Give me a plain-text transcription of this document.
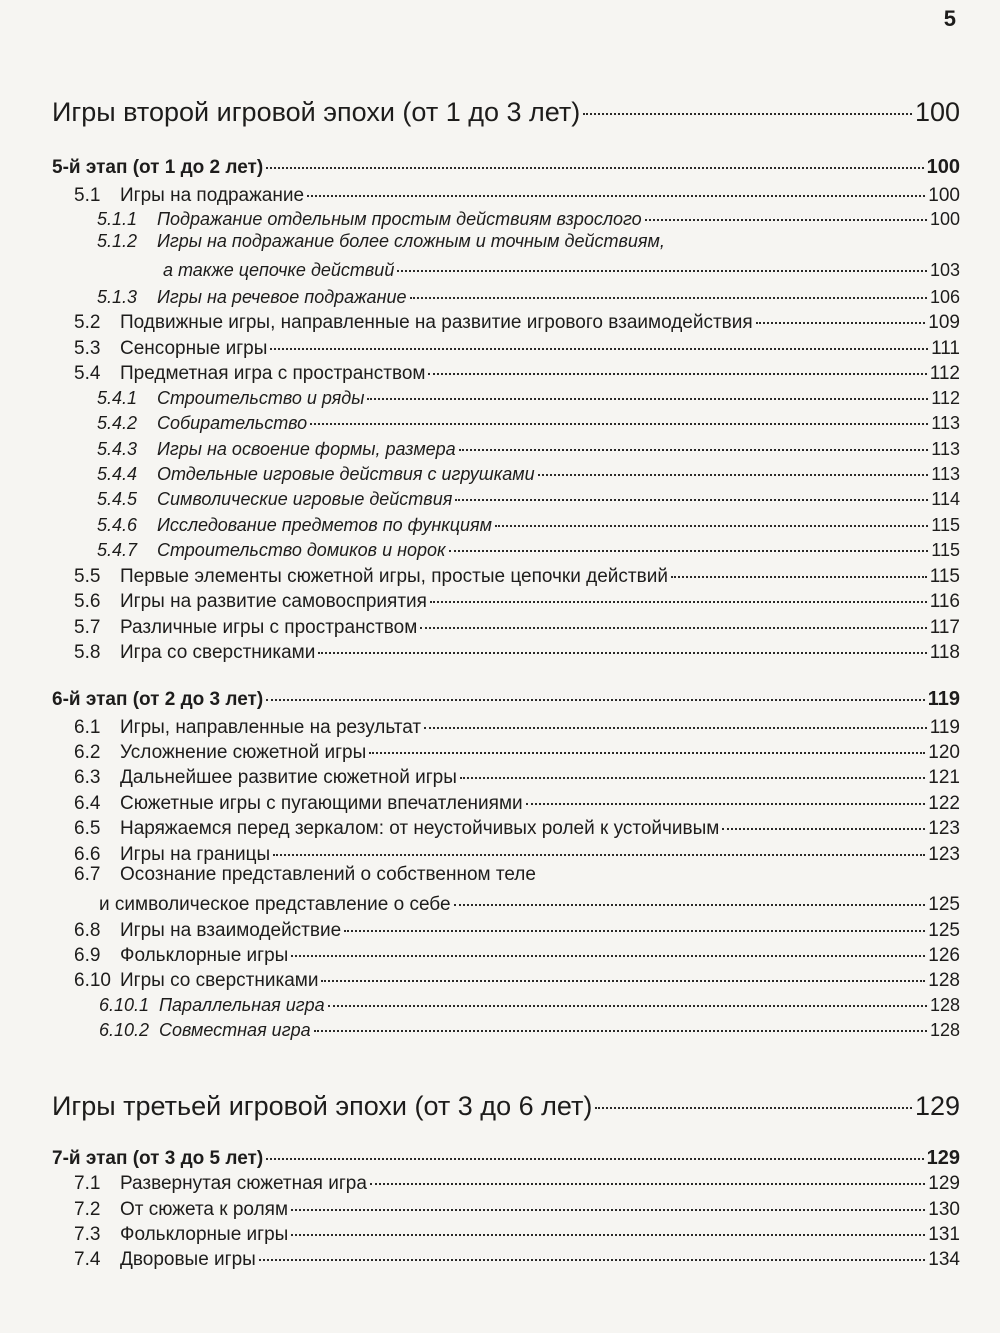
5
Игры второй игровой эпохи (от 1 до 3 лет)	100
5-й этап (от 1 до 2 лет)	100
5.1	Игры на подражание	100
5.1.1	Подражание отдельным простым действиям взрослого	100
5.1.2	Игры на подражание более сложным и точным действиям,
а также цепочке действий	103
5.1.3	Игры на речевое подражание	106
5.2	Подвижные игры, направленные на развитие игрового взаимодействия	109
5.3	Сенсорные игры	111
5.4	Предметная игра с пространством	112
5.4.1	Строительство и ряды	112
5.4.2	Собирательство	113
5.4.3	Игры на освоение формы, размера	113
5.4.4	Отдельные игровые действия с игрушками	113
5.4.5	Символические игровые действия	114
5.4.6	Исследование предметов по функциям	115
5.4.7	Строительство домиков и норок	115
5.5	Первые элементы сюжетной игры, простые цепочки действий	115
5.6	Игры на развитие самовосприятия	116
5.7	Различные игры с пространством	117
5.8	Игра со сверстниками	118
6-й этап (от 2 до 3 лет)	119
6.1	Игры, направленные на результат	119
6.2	Усложнение сюжетной игры	120
6.3	Дальнейшее развитие сюжетной игры	121
6.4	Сюжетные игры с пугающими впечатлениями	122
6.5	Наряжаемся перед зеркалом: от неустойчивых ролей к устойчивым	123
6.6	Игры на границы	123
6.7	Осознание представлений о собственном теле
и символическое представление о себе	125
6.8	Игры на взаимодействие	125
6.9	Фольклорные игры	126
6.10 Игры со сверстниками	128
6.10.1 Параллельная игра	128
6.10.2 Совместная игра	128
Игры третьей игровой эпохи (от 3 до 6 лет)	129
7-й этап (от 3 до 5 лет)	129
7.1	Развернутая сюжетная игра	129
7.2	От сюжета к ролям	130
7.3	Фольклорные игры	131
7.4	Дворовые игры	134
